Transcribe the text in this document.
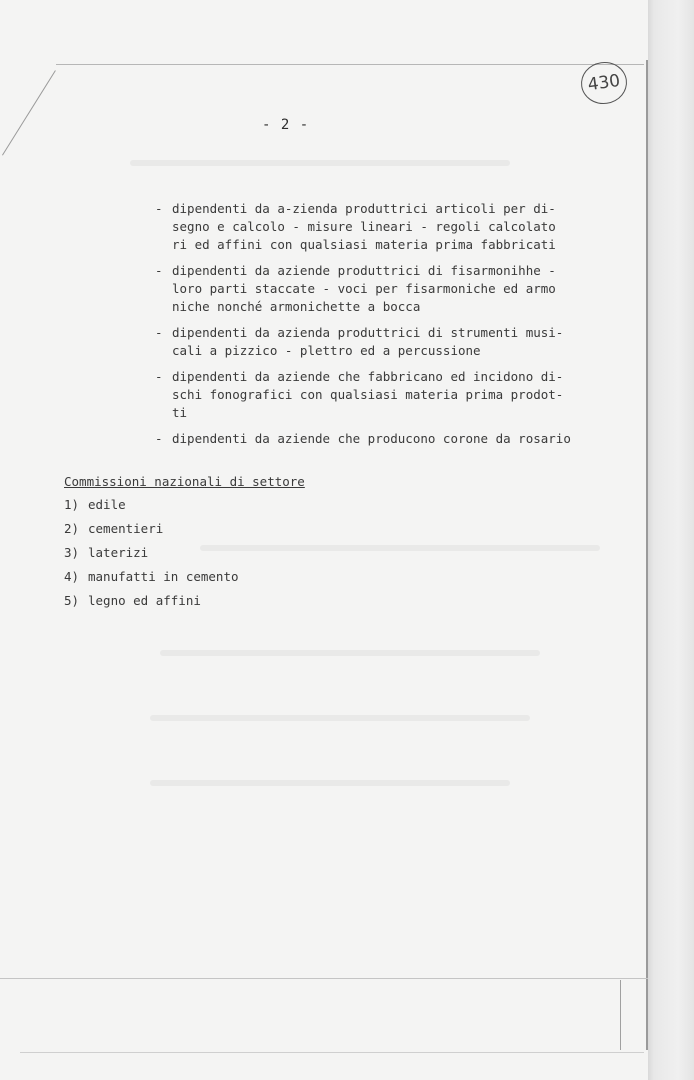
430
- 2 -
- dipendenti da a-zienda produttrici articoli per di-
segno e calcolo - misure lineari - regoli calcolato
ri ed affini con qualsiasi materia prima fabbricati
- dipendenti da aziende produttrici di fisarmonihhe -
loro parti staccate - voci per fisarmoniche ed armo
niche nonché armonichette a bocca
- dipendenti da azienda produttrici di strumenti musi-
cali a pizzico - plettro ed a percussione
- dipendenti da aziende che fabbricano ed incidono di-
schi fonografici con qualsiasi materia prima prodot-
ti
- dipendenti da aziende che producono corone da rosario
Commissioni nazionali di settore
1) edile
2) cementieri
3) laterizi
4) manufatti in cemento
5) legno ed affini
